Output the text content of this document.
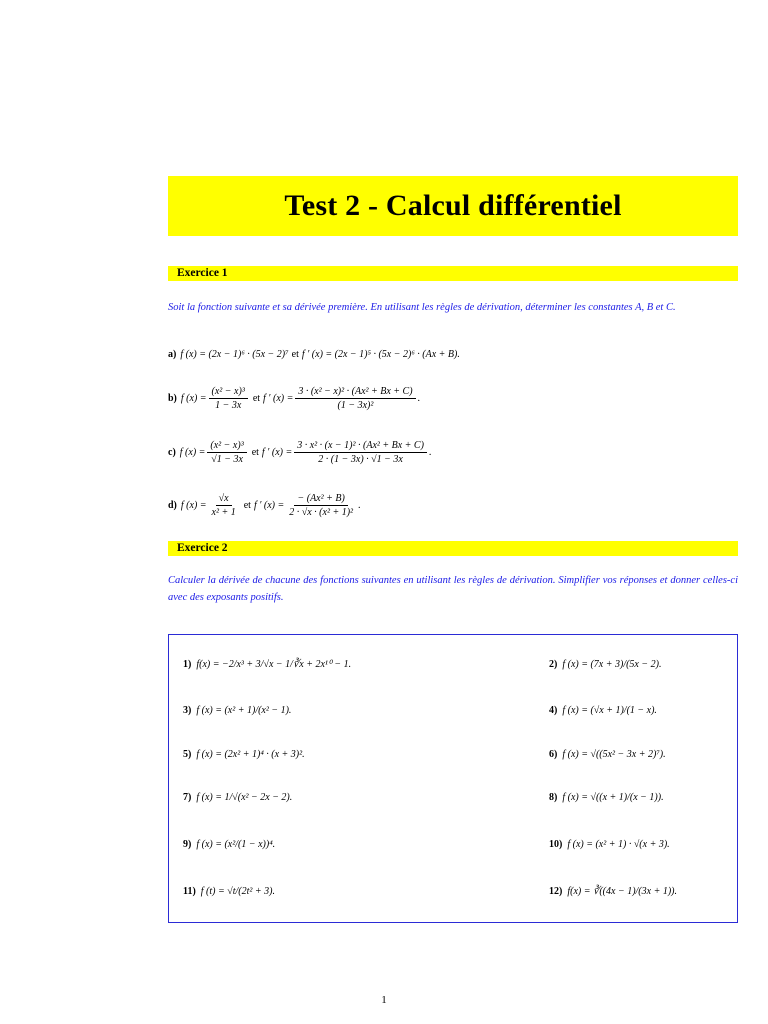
Test 2 - Calcul différentiel
Exercice 1
Soit la fonction suivante et sa dérivée première. En utilisant les règles de dérivation, déterminer les constantes A, B et C.
a) f (x) = (2x − 1)⁶ · (5x − 2)⁷ et f ′ (x) = (2x − 1)⁵ · (5x − 2)⁶ · (Ax + B).
b) f $(x) = \frac{\text{(x² − x)³}}{1 - 3x}$ et f ′ $(x) = \frac{\text{3 · (x² − x)² · (Ax² + Bx + C)}}{\text{(1 − 3x)²}}$ .
c) f $(x) = \frac{\text{(x² − x)³}}{√1 - 3x}$ et f ′ $(x) = \frac{\text{3 · x² · (x − 1)² · (Ax² + Bx + C)}}{2 \cdot (1 - 3x) \cdot √1 - 3x}$ .
d) f $(x) = \frac{√x}{\text{x² + 1}}$ et f ′ $(x) = \frac{\text{− (Ax² + B)}}{\text{2 · √x · (x² + 1)²}}$ .
Exercice 2
Calculer la dérivée de chacune des fonctions suivantes en utilisant les règles de dérivation. Simplifier vos réponses et donner celles-ci avec des exposants positifs.
1) f(x) = −2/x³ + 3/√x − 1/∛x + 2x¹⁰ − 1.	2) f (x) = (7x + 3)/(5x − 2).
3) f (x) = (x² + 1)/(x² − 1).	4) f (x) = (√x + 1)/(1 − x).
5) f (x) = (2x² + 1)⁴ · (x + 3)².	6) f (x) = √((5x² − 3x + 2)⁷).
7) f (x) = 1/√(x² − 2x − 2).	8) f (x) = √((x + 1)/(x − 1)).
9) f (x) = (x²/(1 − x))⁴.	10) f (x) = (x² + 1) · √(x + 3).
11) f (t) = √t/(2t² + 3).	12) f(x) = ∛((4x − 1)/(3x + 1)).
1
